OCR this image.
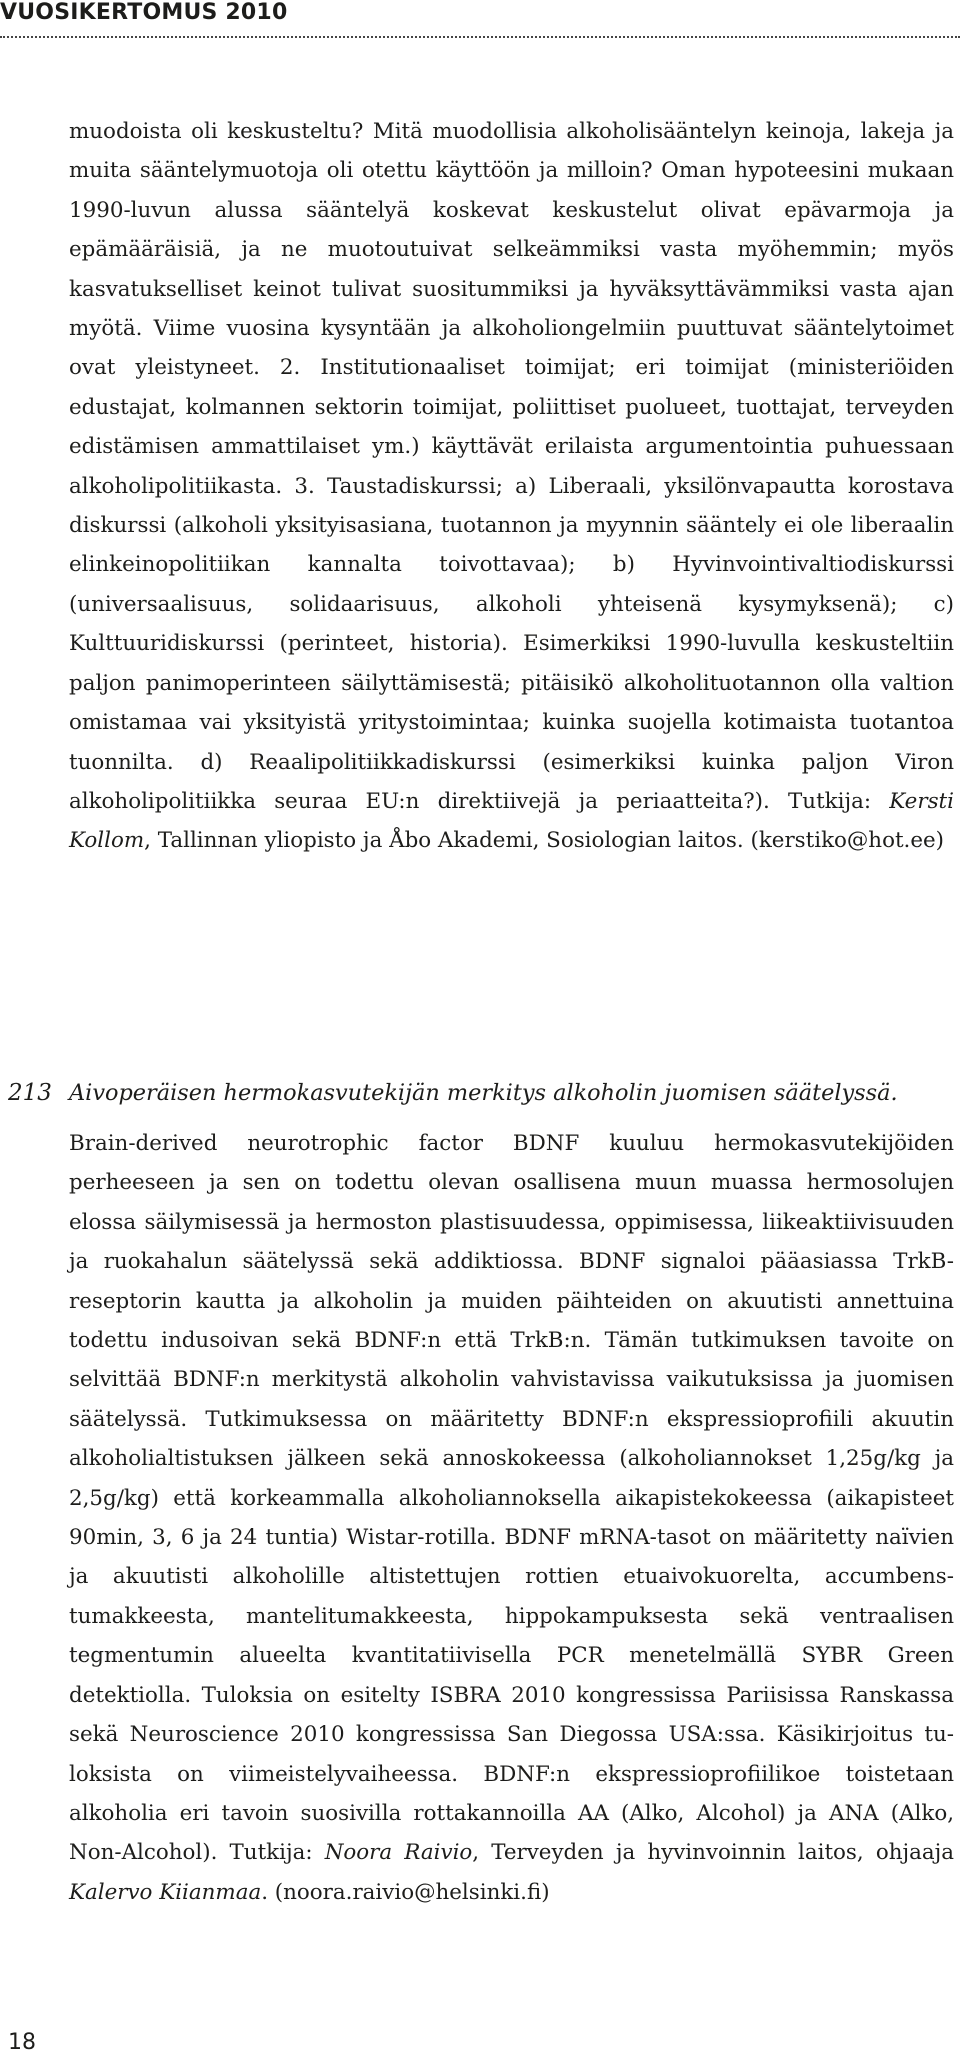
VUOSIKERTOMUS 2010

muodoista oli keskusteltu? Mitä muodollisia alkoholisääntelyn keinoja, lakeja ja muita sääntelymuotoja oli otettu käyttöön ja milloin? Oman hypoteesini mukaan 1990-luvun alussa sääntelyä koskevat keskustelut olivat epävarmoja ja epämääräisiä, ja ne muotoutuivat selkeämmiksi vasta myöhemmin; myös kasvatukselliset keinot tulivat suositummiksi ja hyväksyttävämmiksi vasta ajan myötä. Viime vuosina kysyntään ja alkoholiongelmiin puuttuvat sääntelytoimet ovat yleistyneet. 2. Institutionaaliset toimijat; eri toimijat (ministeriöiden edustajat, kolmannen sektorin toimijat, poliittiset puolueet, tuottajat, terveyden edistämisen ammattilaiset ym.) käyttävät erilaista argumentointia puhuessaan alkoholipolitiikasta. 3. Taustadiskurssi; a) Liberaali, yksilönvapautta korostava diskurssi (alkoholi yksityisasiana, tuotannon ja myynnin sääntely ei ole liberaalin elinkeinopolitiikan kannalta toivottavaa); b) Hyvinvointivaltiodiskurssi (universaalisuus, solidaarisuus, alkoholi yhteisenä kysymyksenä); c) Kulttuuridiskurssi (perinteet, historia). Esimerkiksi 1990-luvulla keskusteltiin paljon panimoperinteen säilyttämisestä; pitäisikö alkoholituotannon olla valtion omistamaa vai yksityistä yritystoimintaa; kuinka suojella kotimaista tuotantoa tuonnilta. d) Reaalipolitiikkadiskurssi (esimerkiksi kuinka paljon Viron alkoholipolitiikka seuraa EU:n direktiivejä ja periaatteita?). Tutkija: Kersti Kollom, Tallinnan yliopisto ja Åbo Akademi, Sosiologian laitos. (kerstiko@hot.ee)

213 Aivoperäisen hermokasvutekijän merkitys alkoholin juomisen säätelyssä.

Brain-derived neurotrophic factor BDNF kuuluu hermokasvutekijöiden perheeseen ja sen on todettu olevan osallisena muun muassa hermosolujen elossa säilymisessä ja hermoston plastisuudessa, oppimisessa, liikeaktiivisuuden ja ruokahalun säätelyssä sekä addiktiossa. BDNF signaloi pääasiassa TrkB-reseptorin kautta ja alkoholin ja muiden päihteiden on akuutisti annettuina todettu indusoivan sekä BDNF:n että TrkB:n. Tämän tutkimuksen tavoite on selvittää BDNF:n merkitystä alkoholin vahvistavissa vaikutuksissa ja juomisen säätelyssä. Tutkimuksessa on määritetty BDNF:n ekspressioprofiili akuutin alkoholialtistuksen jälkeen sekä annoskokeessa (alkoholiannokset 1,25g/kg ja 2,5g/kg) että korkeammalla alkoholiannoksella aikapistekokeessa (aikapisteet 90min, 3, 6 ja 24 tuntia) Wistar-rotilla. BDNF mRNA-tasot on määritetty naïvien ja akuutisti alkoholille altistettujen rottien etuaivokuorelta, accumbens-tumakkeesta, mantelitumakkeesta, hippokampuksesta sekä ventraalisen tegmentumin alueelta kvantitatiivisella PCR menetelmällä SYBR Green detektiolla. Tuloksia on esitelty ISBRA 2010 kongressissa Pariisissa Ranskassa sekä Neuroscience 2010 kongressissa San Diegossa USA:ssa. Käsikirjoitus tuloksista on viimeistelyvaiheessa. BDNF:n ekspressioprofiilikoe toistetaan alkoholia eri tavoin suosivilla rottakannoilla AA (Alko, Alcohol) ja ANA (Alko, Non-Alcohol). Tutkija: Noora Raivio, Terveyden ja hyvinvoinnin laitos, ohjaaja Kalervo Kiianmaa. (noora.raivio@helsinki.fi)

18
